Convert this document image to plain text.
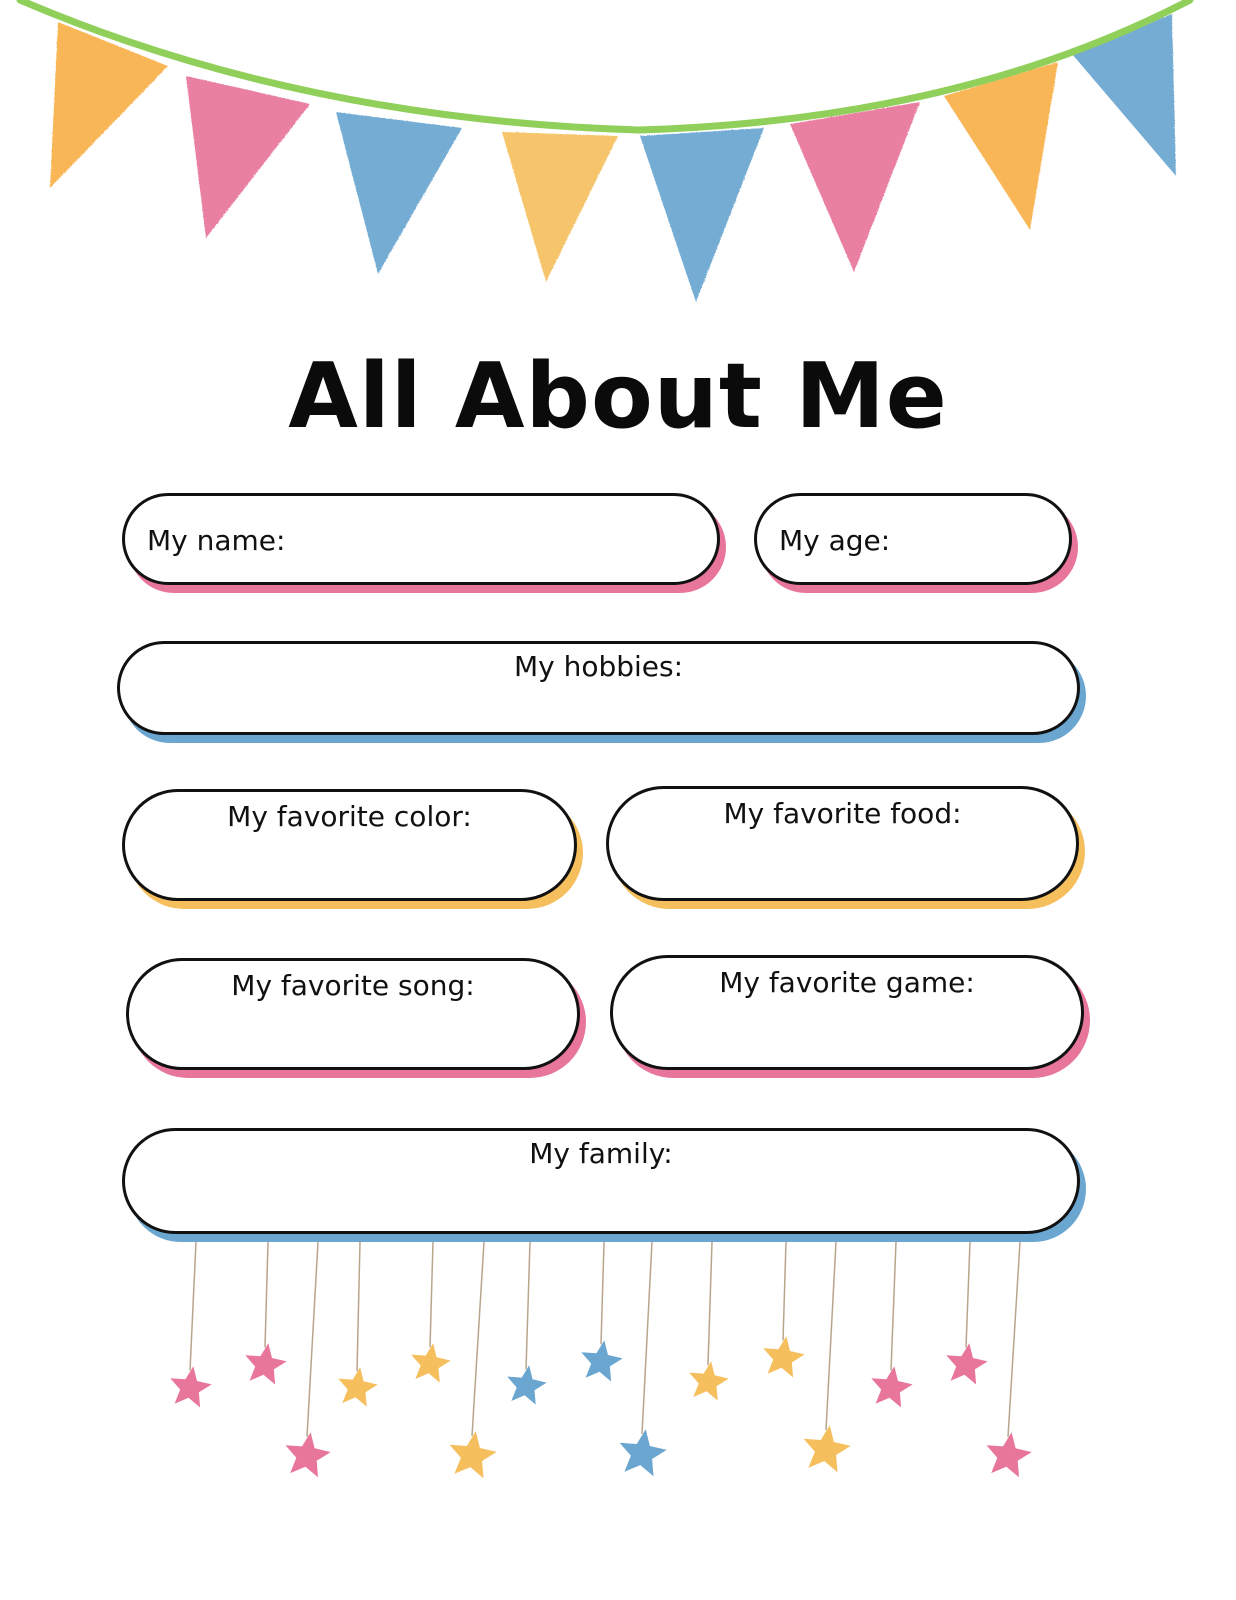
All About Me
My name:	My age:
My hobbies:
My favorite color:	My favorite food:
My favorite song:	My favorite game:
My family:
